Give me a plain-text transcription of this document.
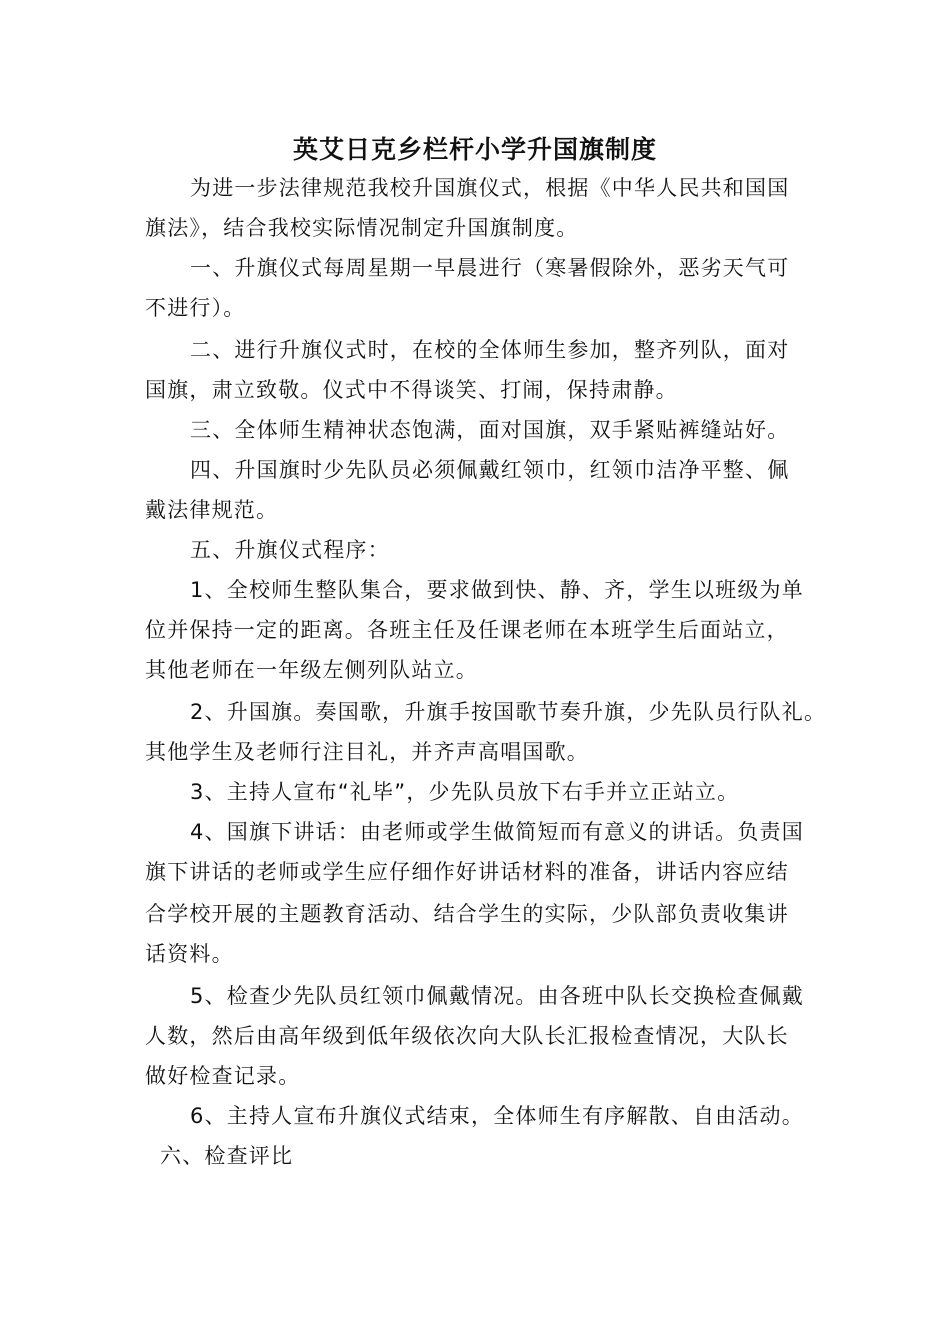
英艾日克乡栏杆小学升国旗制度
为进一步法律规范我校升国旗仪式，根据《中华人民共和国国
旗法》，结合我校实际情况制定升国旗制度。
一、升旗仪式每周星期一早晨进行（寒暑假除外，恶劣天气可
不进行）。
二、进行升旗仪式时，在校的全体师生参加，整齐列队，面对
国旗，肃立致敬。仪式中不得谈笑、打闹，保持肃静。
三、全体师生精神状态饱满，面对国旗，双手紧贴裤缝站好。
四、升国旗时少先队员必须佩戴红领巾，红领巾洁净平整、佩
戴法律规范。
五、升旗仪式程序：
1、全校师生整队集合，要求做到快、静、齐，学生以班级为单
位并保持一定的距离。各班主任及任课老师在本班学生后面站立，
其他老师在一年级左侧列队站立。
2、升国旗。奏国歌，升旗手按国歌节奏升旗，少先队员行队礼。
其他学生及老师行注目礼，并齐声高唱国歌。
3、主持人宣布“礼毕”，少先队员放下右手并立正站立。
4、国旗下讲话：由老师或学生做简短而有意义的讲话。负责国
旗下讲话的老师或学生应仔细作好讲话材料的准备，讲话内容应结
合学校开展的主题教育活动、结合学生的实际，少队部负责收集讲
话资料。
5、检查少先队员红领巾佩戴情况。由各班中队长交换检查佩戴
人数，然后由高年级到低年级依次向大队长汇报检查情况，大队长
做好检查记录。
6、主持人宣布升旗仪式结束，全体师生有序解散、自由活动。
六、检查评比
